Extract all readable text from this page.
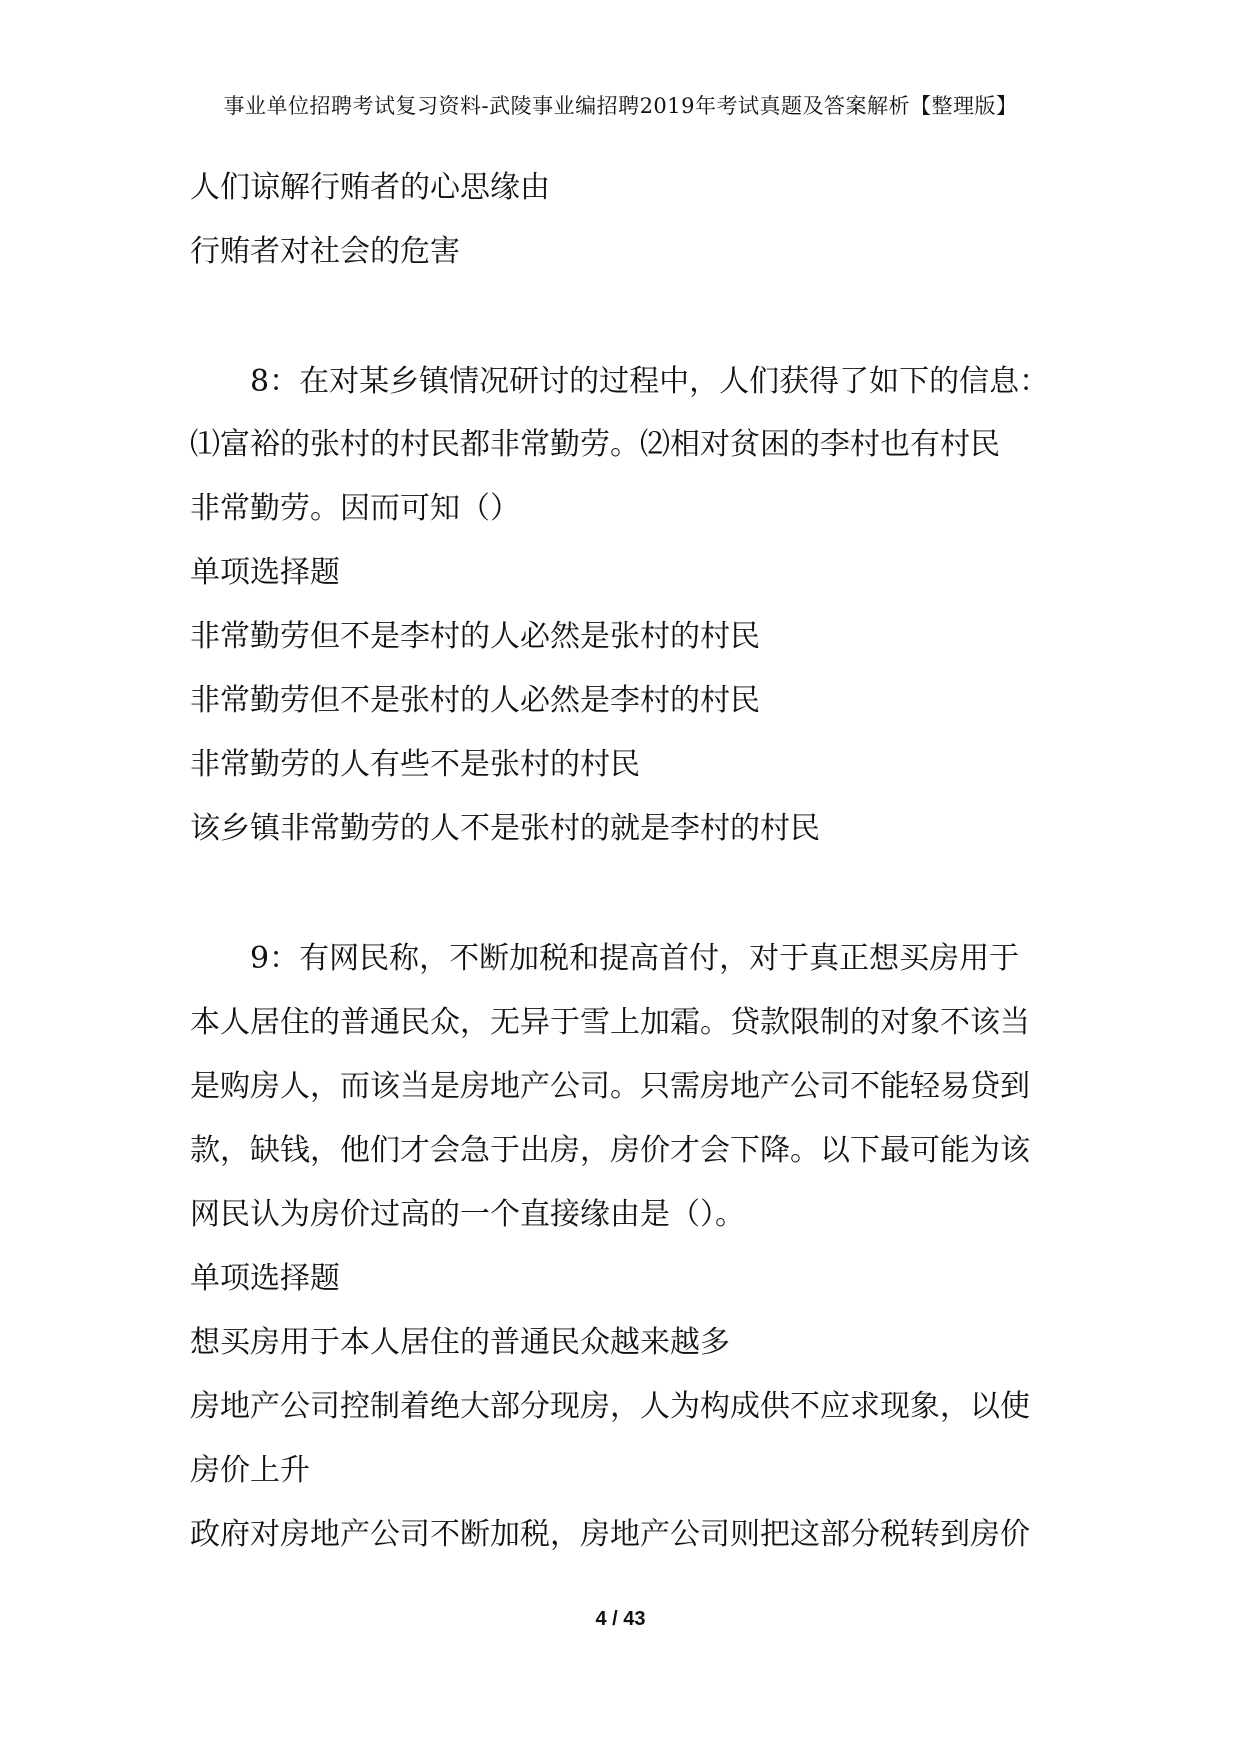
事业单位招聘考试复习资料-武陵事业编招聘2019年考试真题及答案解析【整理版】
人们谅解行贿者的心思缘由
行贿者对社会的危害
8：在对某乡镇情况研讨的过程中，人们获得了如下的信息：
⑴富裕的张村的村民都非常勤劳。⑵相对贫困的李村也有村民
非常勤劳。因而可知（）
单项选择题
非常勤劳但不是李村的人必然是张村的村民
非常勤劳但不是张村的人必然是李村的村民
非常勤劳的人有些不是张村的村民
该乡镇非常勤劳的人不是张村的就是李村的村民
9：有网民称，不断加税和提高首付，对于真正想买房用于
本人居住的普通民众，无异于雪上加霜。贷款限制的对象不该当
是购房人，而该当是房地产公司。只需房地产公司不能轻易贷到
款，缺钱，他们才会急于出房，房价才会下降。以下最可能为该
网民认为房价过高的一个直接缘由是（）。
单项选择题
想买房用于本人居住的普通民众越来越多
房地产公司控制着绝大部分现房，人为构成供不应求现象，以使
房价上升
政府对房地产公司不断加税，房地产公司则把这部分税转到房价
4 / 43
